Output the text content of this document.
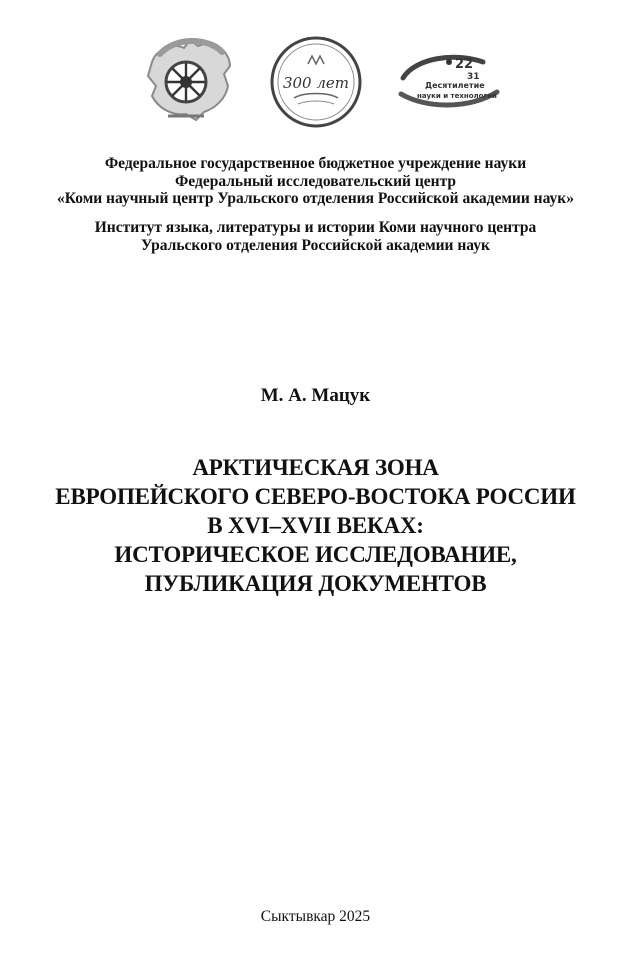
300 лет
22
31
Десятилетие
науки и технологий
Федеральное государственное бюджетное учреждение науки
Федеральный исследовательский центр
«Коми научный центр Уральского отделения Российской академии наук»
Институт языка, литературы и истории Коми научного центра
Уральского отделения Российской академии наук
М. А. Мацук
АРКТИЧЕСКАЯ ЗОНА
ЕВРОПЕЙСКОГО СЕВЕРО-ВОСТОКА РОССИИ
В XVI–XVII ВЕКАХ:
ИСТОРИЧЕСКОЕ ИССЛЕДОВАНИЕ,
ПУБЛИКАЦИЯ ДОКУМЕНТОВ
Сыктывкар 2025
